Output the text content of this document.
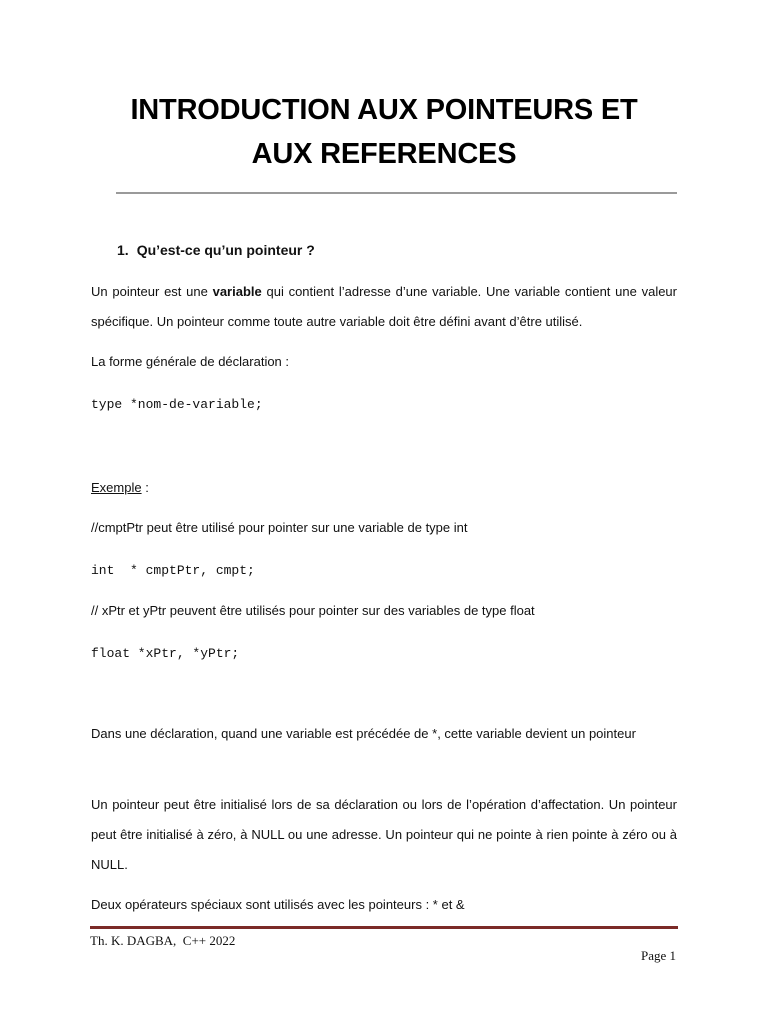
INTRODUCTION AUX POINTEURS ET
AUX REFERENCES
1. Qu’est-ce qu’un pointeur ?

Un pointeur est une variable qui contient l’adresse d’une variable. Une variable contient une valeur spécifique. Un pointeur comme toute autre variable doit être défini avant d’être utilisé.

La forme générale de déclaration :

type *nom-de-variable;

Exemple :

//cmptPtr peut être utilisé pour pointer sur une variable de type int

int  * cmptPtr, cmpt;

// xPtr et yPtr peuvent être utilisés pour pointer sur des variables de type float

float *xPtr, *yPtr;

Dans une déclaration, quand une variable est précédée de *, cette variable devient un pointeur

Un pointeur peut être initialisé lors de sa déclaration ou lors de l’opération d’affectation. Un pointeur peut être initialisé à zéro, à NULL ou une adresse. Un pointeur qui ne pointe à rien pointe à zéro ou à NULL.

Deux opérateurs spéciaux sont utilisés avec les pointeurs : * et &

Th. K. DAGBA,  C++ 2022
Page 1
